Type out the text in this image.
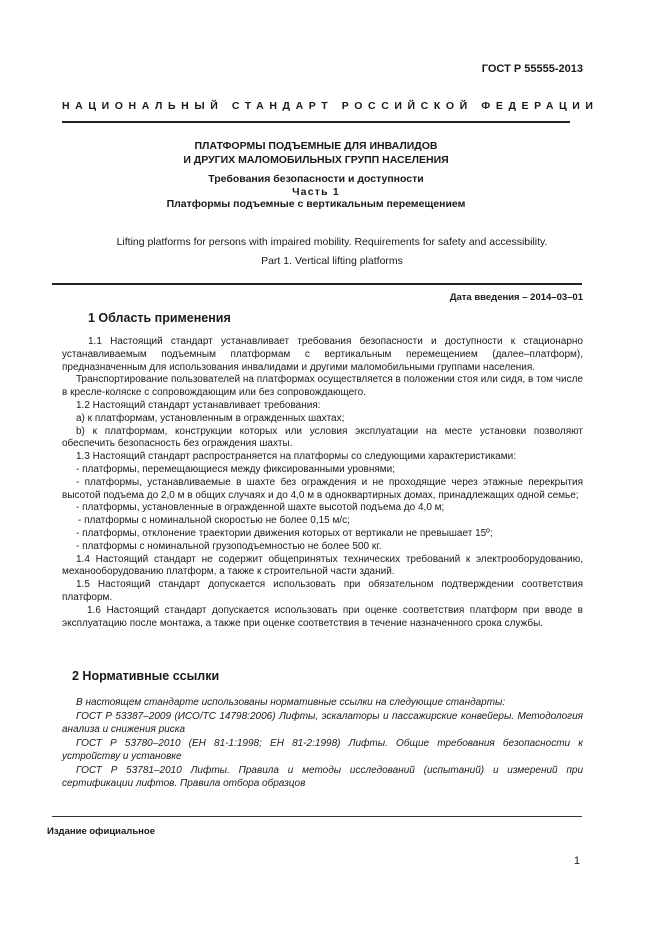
ГОСТ Р 55555-2013
НАЦИОНАЛЬНЫЙ СТАНДАРТ РОССИЙСКОЙ ФЕДЕРАЦИИ
ПЛАТФОРМЫ ПОДЪЕМНЫЕ ДЛЯ ИНВАЛИДОВ
И ДРУГИХ МАЛОМОБИЛЬНЫХ ГРУПП НАСЕЛЕНИЯ
Требования безопасности и доступности
Часть 1
Платформы подъемные с вертикальным перемещением
Lifting platforms for persons with impaired mobility. Requirements for safety and accessibility.
Part 1. Vertical lifting platforms
Дата введения – 2014–03–01
1 Область применения
1.1 Настоящий стандарт устанавливает требования безопасности и доступности к стационарно устанавливаемым подъемным платформам с вертикальным перемещением (далее–платформ), предназначенным для использования инвалидами и другими маломобильными группами населения.
Транспортирование пользователей на платформах осуществляется в положении стоя или сидя, в том числе в кресле-коляске с сопровождающим или без сопровождающего.
1.2 Настоящий стандарт устанавливает требования:
a) к платформам, установленным в огражденных шахтах;
b) к платформам, конструкции которых или условия эксплуатации на месте установки позволяют обеспечить безопасность без ограждения шахты.
1.3 Настоящий стандарт распространяется на платформы со следующими характеристиками:
- платформы, перемещающиеся между фиксированными уровнями;
- платформы, устанавливаемые в шахте без ограждения и не проходящие через этажные перекрытия высотой подъема до 2,0 м в общих случаях и до 4,0 м в одноквартирных домах, принадлежащих одной семье;
- платформы, установленные в огражденной шахте высотой подъема до 4,0 м;
- платформы с номинальной скоростью не более 0,15 м/с;
- платформы, отклонение траектории движения которых от вертикали не превышает 15º;
- платформы с номинальной грузоподъемностью не более 500 кг.
1.4 Настоящий стандарт не содержит общепринятых технических требований к электрооборудованию, механооборудованию платформ, а также к строительной части зданий.
1.5 Настоящий стандарт допускается использовать при обязательном подтверждении соответствия платформ.
1.6 Настоящий стандарт допускается использовать при оценке соответствия платформ при вводе в эксплуатацию после монтажа, а также при оценке соответствия в течение назначенного срока службы.
2 Нормативные ссылки
В настоящем стандарте использованы нормативные ссылки на следующие стандарты:
ГОСТ Р 53387–2009 (ИСО/ТС 14798:2006) Лифты, эскалаторы и пассажирские конвейеры. Методология анализа и снижения риска
ГОСТ Р 53780–2010 (ЕН 81-1:1998; ЕН 81-2:1998) Лифты. Общие требования безопасности к устройству и установке
ГОСТ Р 53781–2010 Лифты. Правила и методы исследований (испытаний) и измерений при сертификации лифтов. Правила отбора образцов
Издание официальное
1
